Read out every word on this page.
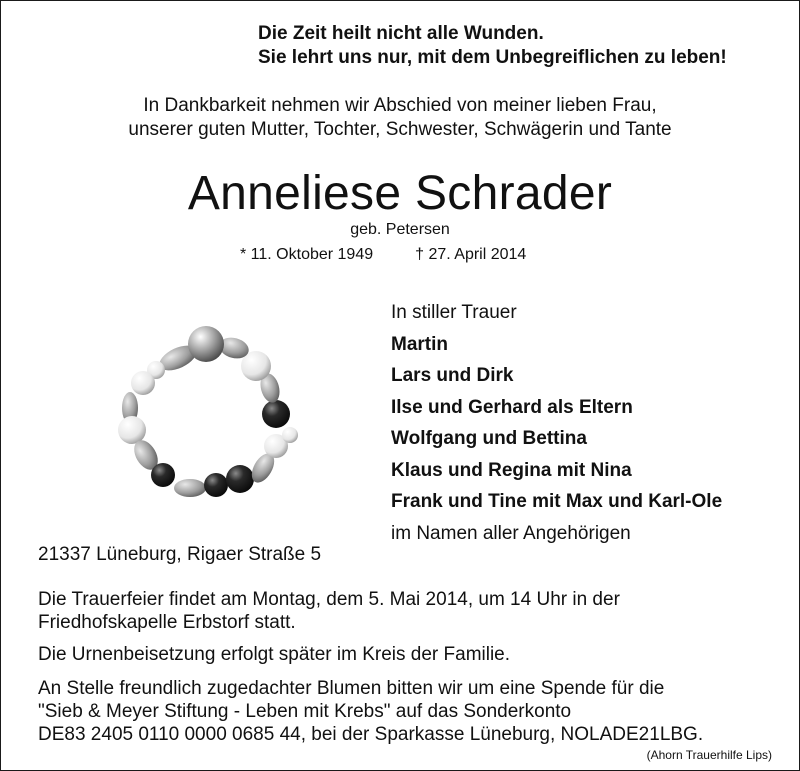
Die Zeit heilt nicht alle Wunden.
Sie lehrt uns nur, mit dem Unbegreiflichen zu leben!
In Dankbarkeit nehmen wir Abschied von meiner lieben Frau,
unserer guten Mutter, Tochter, Schwester, Schwägerin und Tante
Anneliese Schrader
geb. Petersen
* 11. Oktober 1949	† 27. April 2014
In stiller Trauer
Martin
Lars und Dirk
Ilse und Gerhard als Eltern
Wolfgang und Bettina
Klaus und Regina mit Nina
Frank und Tine mit Max und Karl-Ole
im Namen aller Angehörigen
21337 Lüneburg, Rigaer Straße 5
Die Trauerfeier findet am Montag, dem 5. Mai 2014, um 14 Uhr in der
Friedhofskapelle Erbstorf statt.
Die Urnenbeisetzung erfolgt später im Kreis der Familie.
An Stelle freundlich zugedachter Blumen bitten wir um eine Spende für die
"Sieb & Meyer Stiftung - Leben mit Krebs" auf das Sonderkonto
DE83 2405 0110 0000 0685 44, bei der Sparkasse Lüneburg, NOLADE21LBG.
(Ahorn Trauerhilfe Lips)
